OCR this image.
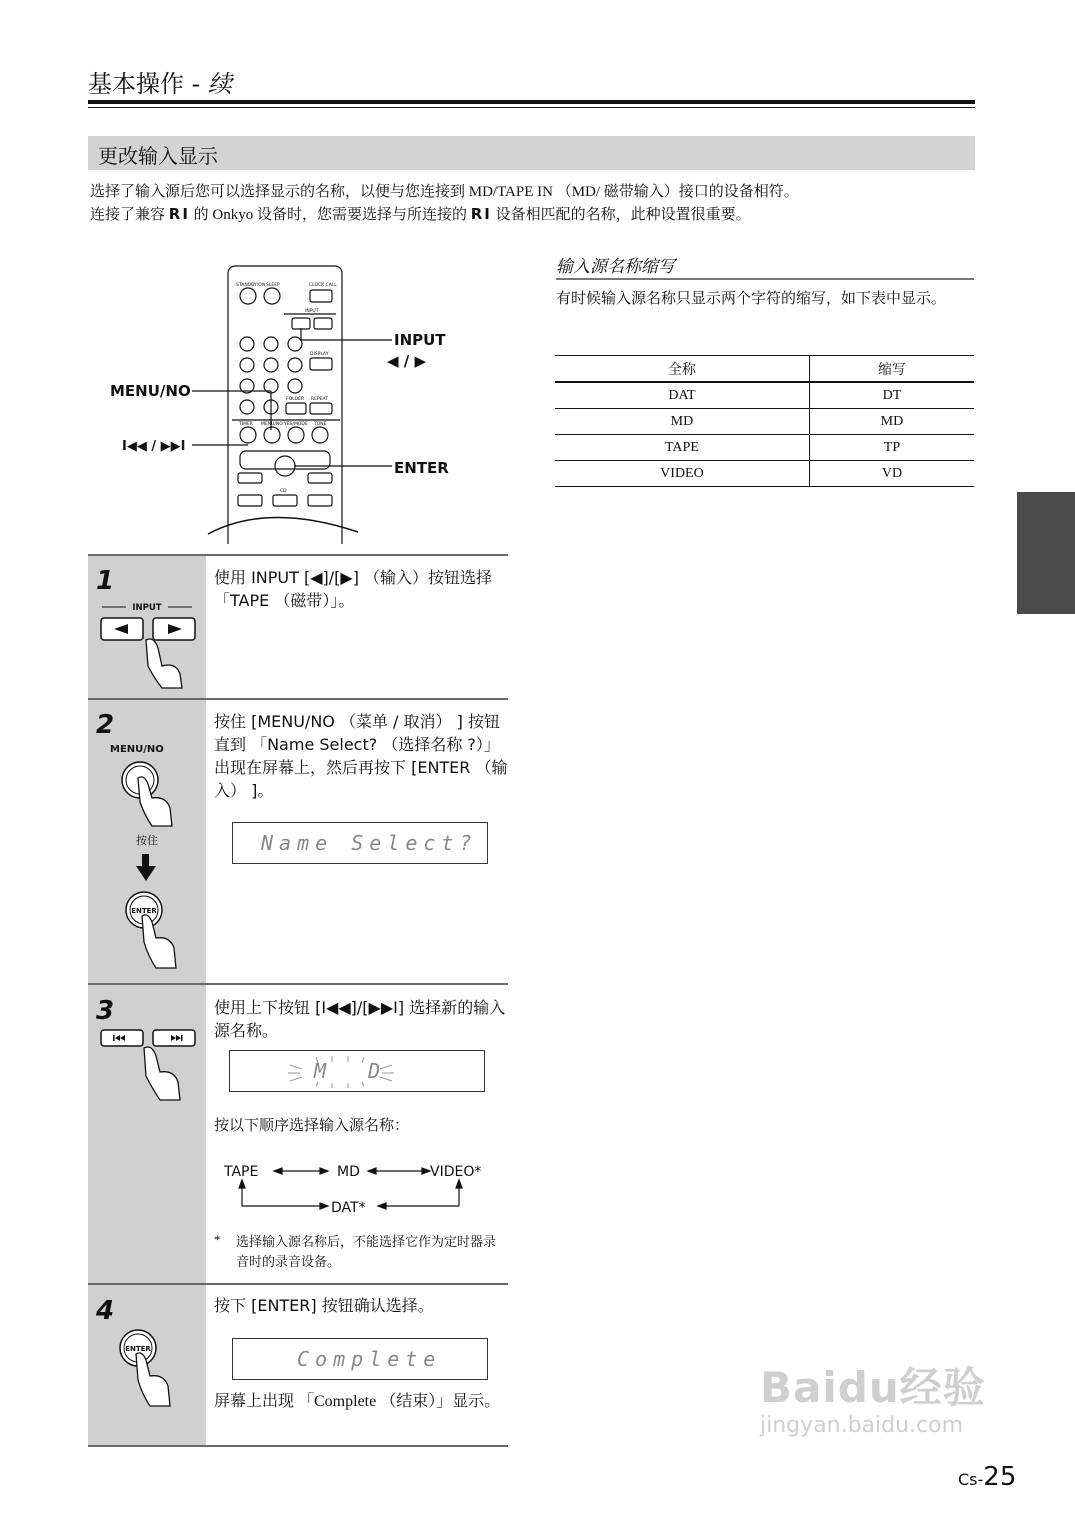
基本操作 - 续
更改输入显示
选择了输入源后您可以选择显示的名称，以便与您连接到 MD/TAPE IN （MD/ 磁带输入）接口的设备相符。
连接了兼容 RI 的 Onkyo 设备时，您需要选择与所连接的 RI 设备相匹配的名称，此种设置很重要。
STANDBY/ON SLEEP	CLOCK CALL
INPUT
DISPLAY
FOLDER REPEAT
TIMER MENU/NO YES/MODE TONE
CD
INPUT
◀ / ▶
MENU/NO
I◀◀ / ▶▶I
ENTER
输入源名称缩写
有时候输入源名称只显示两个字符的缩写，如下表中显示。
全称	缩写
DAT	DT
MD	MD
TAPE	TP
VIDEO	VD
1
INPUT
使用 INPUT [◀]/[▶] （输入）按钮选择 「TAPE （磁带）」。
2
MENU/NO
按住
ENTER
按住 [MENU/NO （菜单 / 取消） ] 按钮直到 「Name Select? （选择名称 ?）」出现在屏幕上，然后再按下 [ENTER （输入） ]。
Name Select?
3	使用上下按钮 [I◀◀]/[▶▶I] 选择新的输入源名称。
M  D
按以下顺序选择输入源名称：
TAPE	MD	VIDEO*
DAT*
* 选择输入源名称后，不能选择它作为定时器录音时的录音设备。
4
ENTER
按下 [ENTER] 按钮确认选择。
Complete
屏幕上出现 「Complete （结束）」显示。	Baidu经验
jingyan.baidu.com
Cs-25
